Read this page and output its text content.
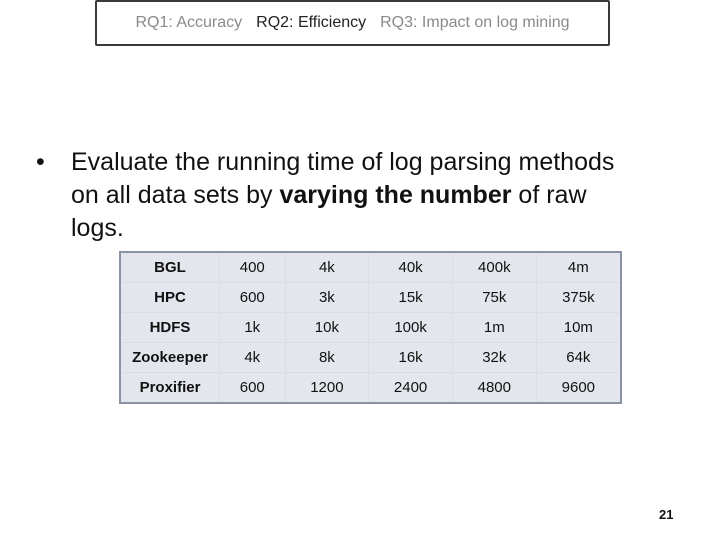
RQ1: Accuracy RQ2: Efficiency RQ3: Impact on log mining
•	Evaluate the running time of log parsing methods on all data sets by varying the number of raw logs.
BGL	400	4k	40k	400k	4m
HPC	600	3k	15k	75k	375k
HDFS	1k	10k	100k	1m	10m
Zookeeper	4k	8k	16k	32k	64k
Proxifier	600	1200	2400	4800	9600
21
